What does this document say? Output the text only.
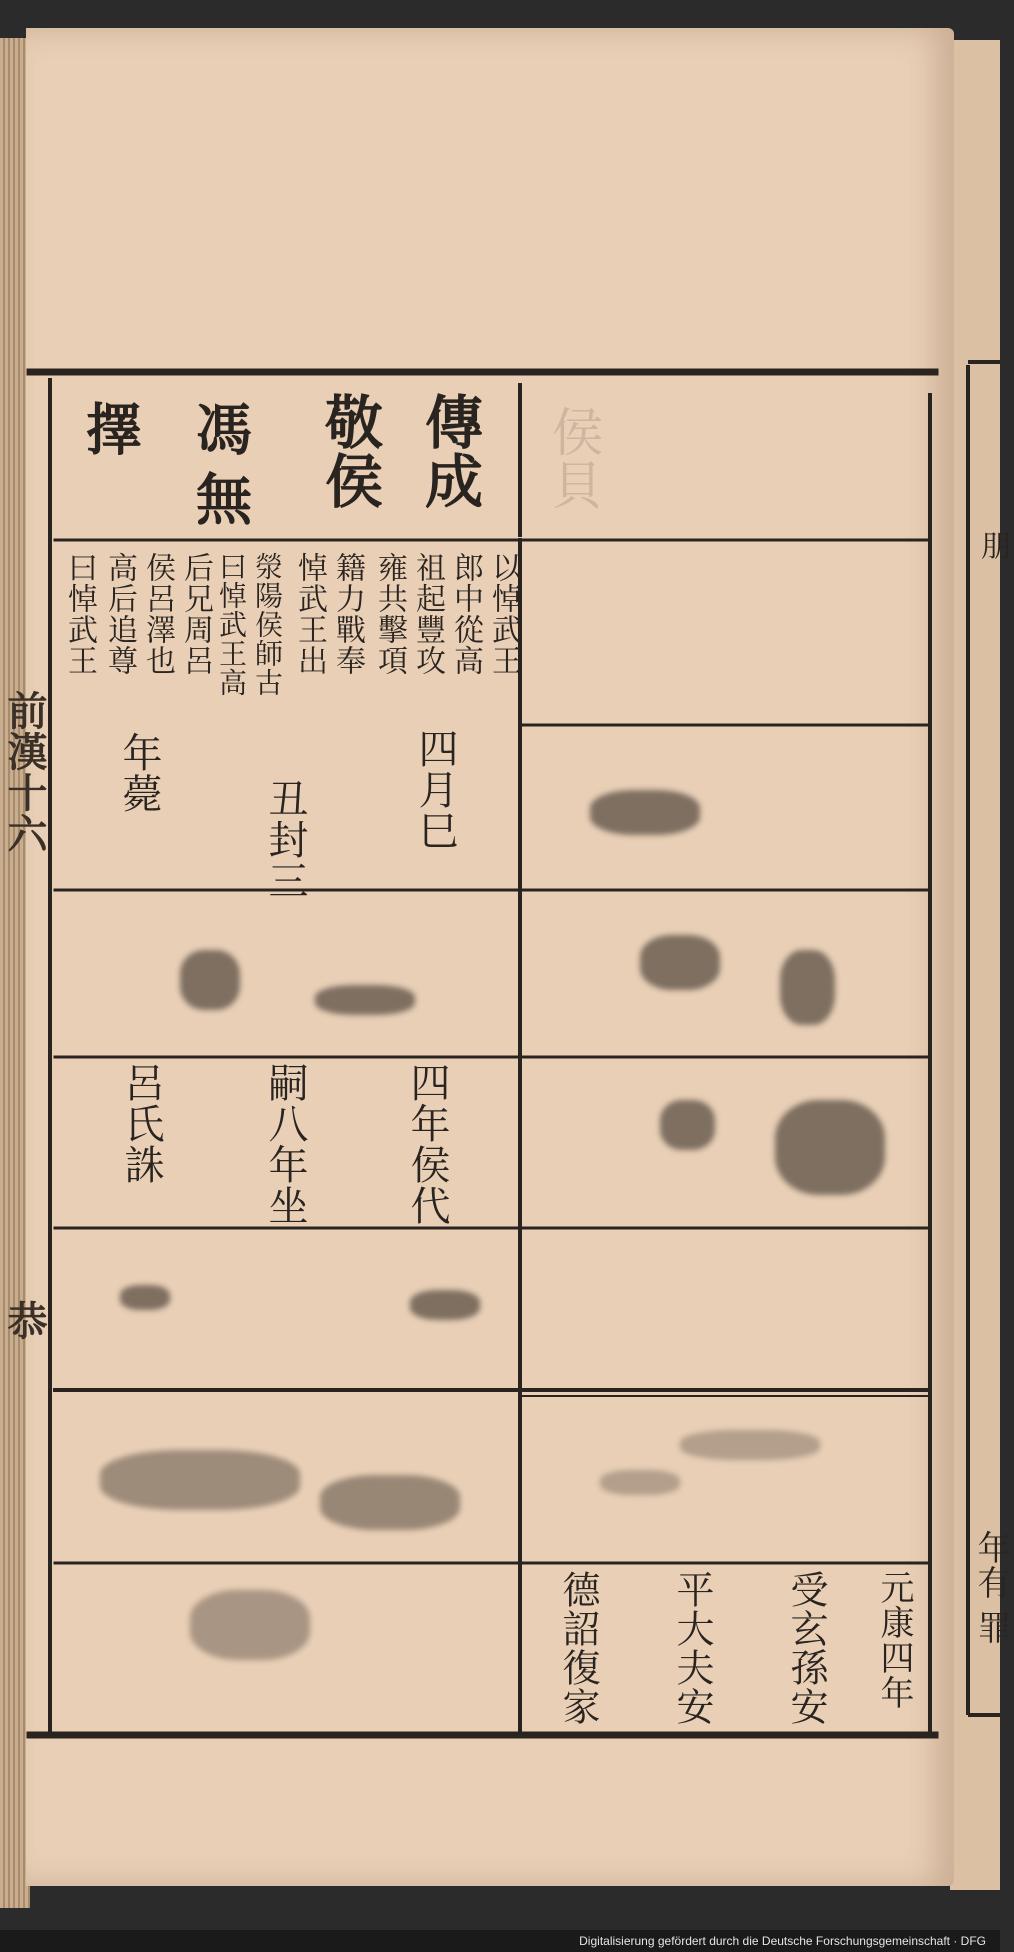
侯貝
傳成
敬侯
馮
無
擇
以悼武王
郎中從高
祖起豐攻
雍共擊項
籍力戰奉
悼武王出
滎陽侯師古
曰悼武王高
后兄周呂
侯呂澤也
高后追尊
曰悼武王
四月巳
丑封三
年薨
四年侯代
嗣八年坐
呂氏誅
元康四年
受玄孫安
平大夫安
德詔復家
前漢十六
恭
朋
年有
罪
Digitalisierung gefördert durch die Deutsche Forschungsgemeinschaft · DFG
